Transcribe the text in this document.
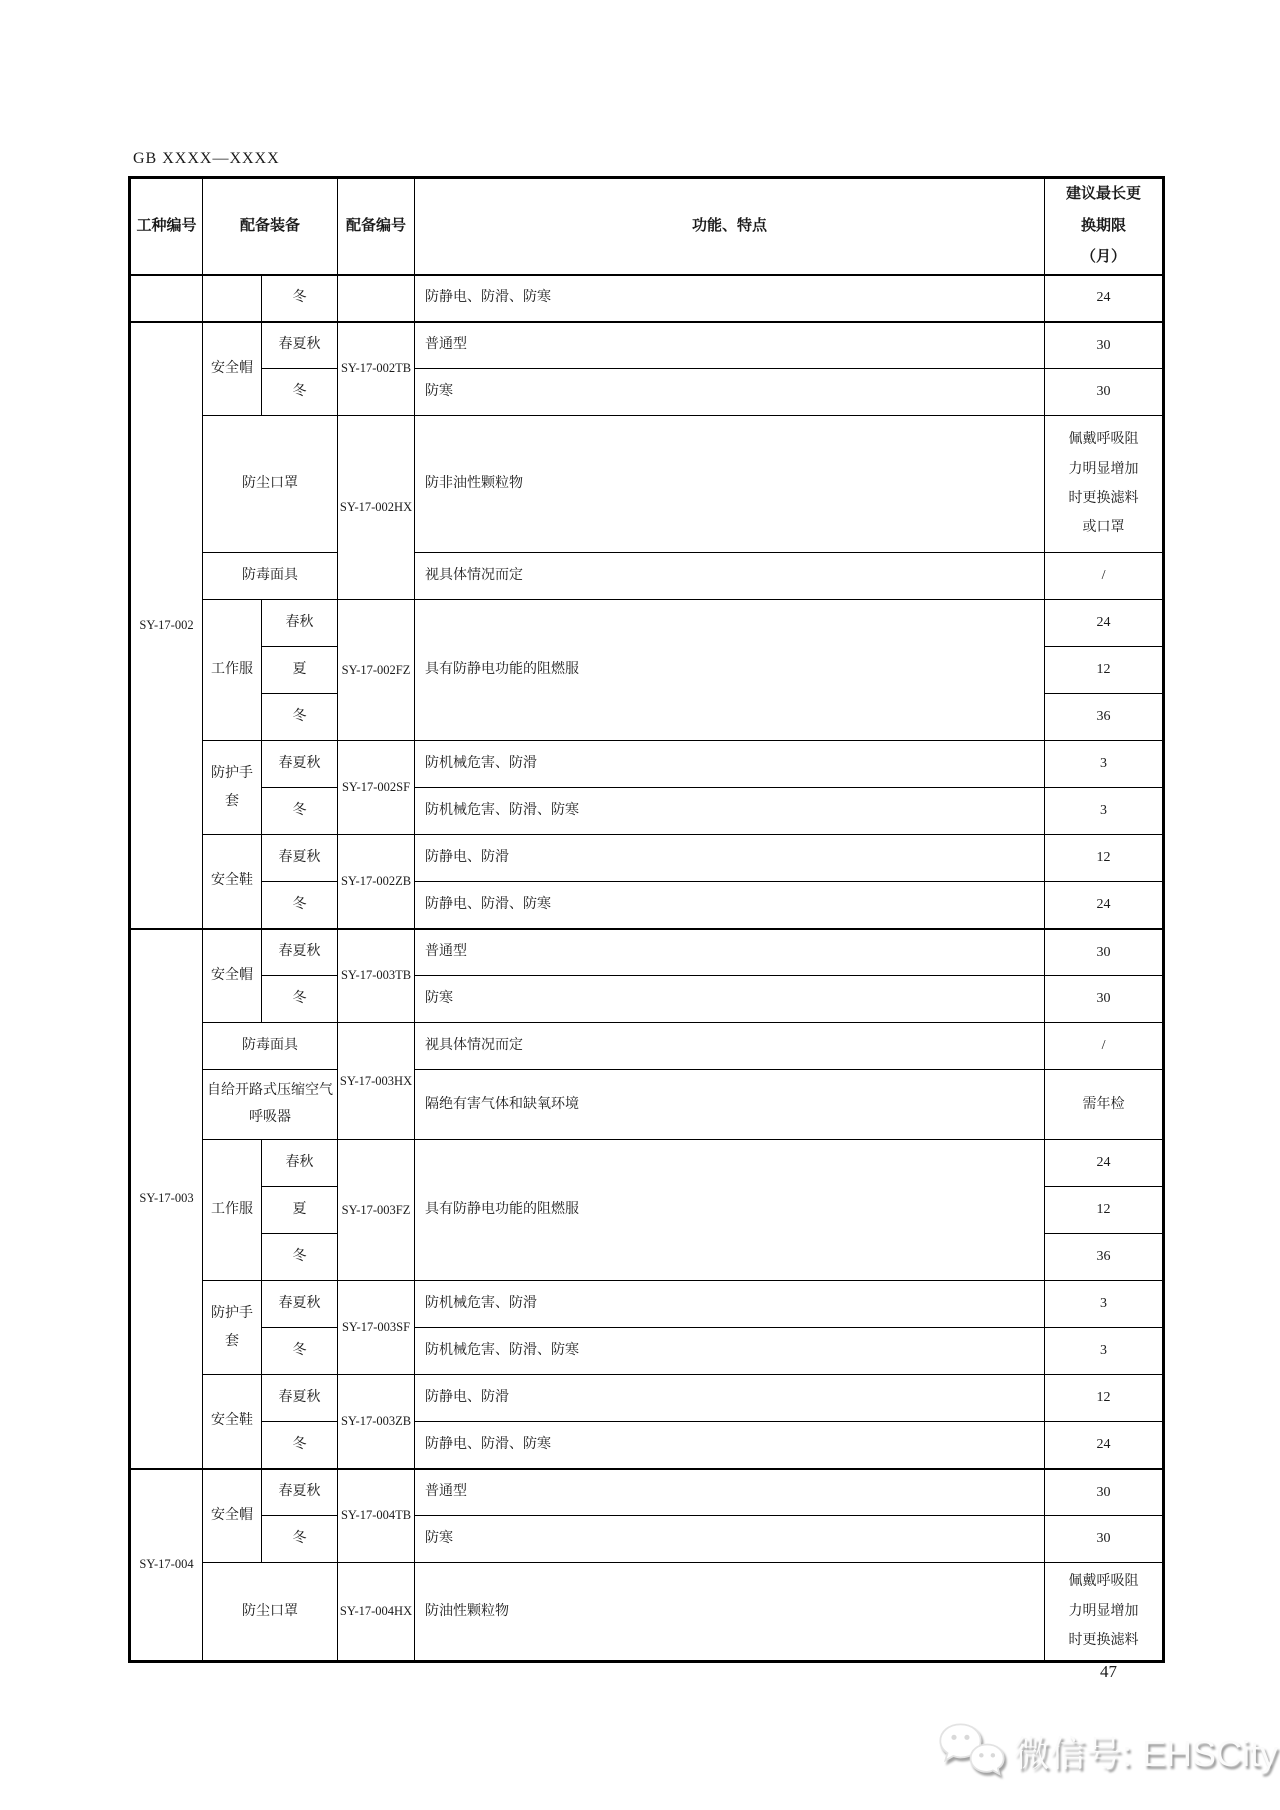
GB XXXX—XXXX
工种编号	配备装备		配备编号	功能、特点	建议最长更换期限（月）
		冬		防静电、防滑、防寒	24
SY-17-002	安全帽	春夏秋	SY-17-002TB	普通型	30
		冬		防寒	30
	防尘口罩		SY-17-002HX	防非油性颗粒物	佩戴呼吸阻力明显增加时更换滤料或口罩
	防毒面具			视具体情况而定	/
	工作服	春秋	SY-17-002FZ	具有防静电功能的阻燃服	24
		夏			12
		冬			36
	防护手套	春夏秋	SY-17-002SF	防机械危害、防滑	3
		冬		防机械危害、防滑、防寒	3
	安全鞋	春夏秋	SY-17-002ZB	防静电、防滑	12
		冬		防静电、防滑、防寒	24
SY-17-003	安全帽	春夏秋	SY-17-003TB	普通型	30
		冬		防寒	30
	防毒面具		SY-17-003HX	视具体情况而定	/
	自给开路式压缩空气呼吸器			隔绝有害气体和缺氧环境	需年检
	工作服	春秋	SY-17-003FZ	具有防静电功能的阻燃服	24
		夏			12
		冬			36
	防护手套	春夏秋	SY-17-003SF	防机械危害、防滑	3
		冬		防机械危害、防滑、防寒	3
	安全鞋	春夏秋	SY-17-003ZB	防静电、防滑	12
		冬		防静电、防滑、防寒	24
SY-17-004	安全帽	春夏秋	SY-17-004TB	普通型	30
		冬		防寒	30
	防尘口罩		SY-17-004HX	防油性颗粒物	佩戴呼吸阻力明显增加时更换滤料
47
微信号: EHSCity
